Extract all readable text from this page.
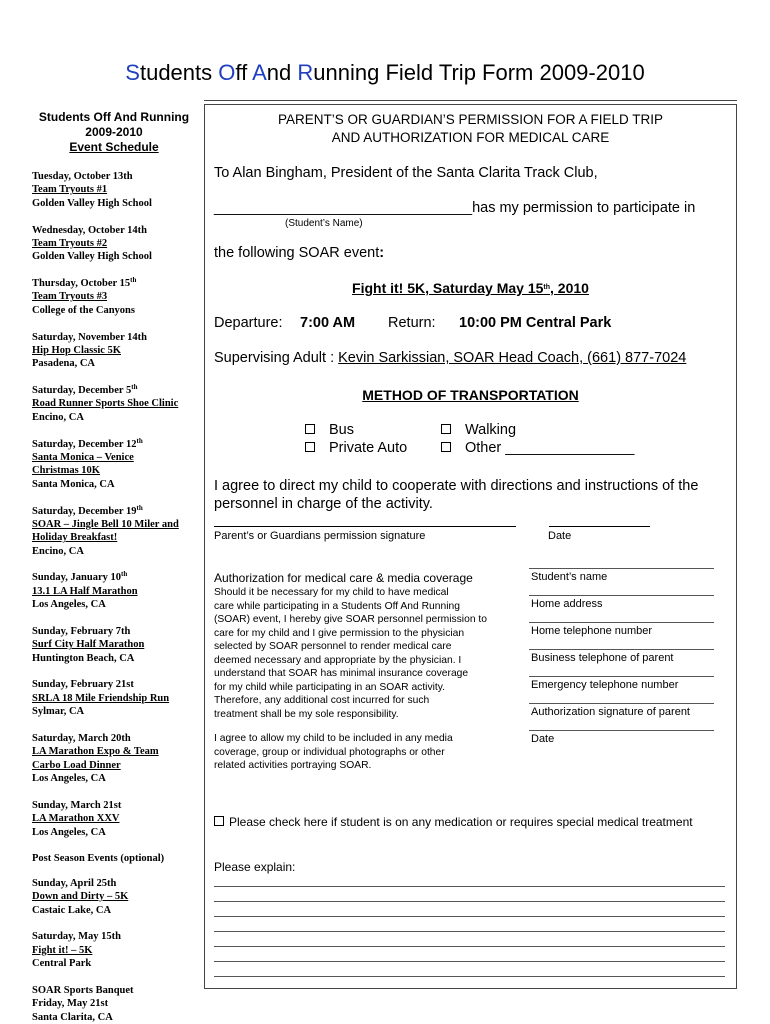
Students Off And Running Field Trip Form 2009-2010
Students Off And Running
2009-2010
Event Schedule
Tuesday, October 13th
Team Tryouts #1
Golden Valley High School
Wednesday, October 14th
Team Tryouts #2
Golden Valley High School
Thursday, October 15th
Team Tryouts #3
College of the Canyons
Saturday, November 14th
Hip Hop Classic 5K
Pasadena, CA
Saturday, December 5th
Road Runner Sports Shoe Clinic
Encino, CA
Saturday, December 12th
Santa Monica – Venice
Christmas 10K
Santa Monica, CA
Saturday, December 19th
SOAR – Jingle Bell 10 Miler and
Holiday Breakfast!
Encino, CA
Sunday, January 10th
13.1 LA Half Marathon
Los Angeles, CA
Sunday, February 7th
Surf City Half Marathon
Huntington Beach, CA
Sunday, February 21st
SRLA 18 Mile Friendship Run
Sylmar, CA
Saturday, March 20th
LA Marathon Expo & Team
Carbo Load Dinner
Los Angeles, CA
Sunday, March 21st
LA Marathon XXV
Los Angeles, CA
Post Season Events (optional)
Sunday, April 25th
Down and Dirty – 5K
Castaic Lake, CA
Saturday, May 15th
Fight it! – 5K
Central Park
SOAR Sports Banquet
Friday, May 21st
Santa Clarita, CA
PARENT’S OR GUARDIAN’S PERMISSION FOR A FIELD TRIP
AND AUTHORIZATION FOR MEDICAL CARE
To Alan Bingham, President of the Santa Clarita Track Club,
________________________________has my permission to participate in
(Student’s Name)
the following SOAR event:
Fight it! 5K, Saturday May 15th, 2010
Departure: 7:00 AM Return: 10:00 PM Central Park
Supervising Adult : Kevin Sarkissian, SOAR Head Coach, (661) 877-7024
METHOD OF TRANSPORTATION
Bus
Private Auto
Walking
Other ________________
I agree to direct my child to cooperate with directions and instructions of the
personnel in charge of the activity.
Parent’s or Guardians permission signature	Date
Authorization for medical care & media coverage
Should it be necessary for my child to have medical
care while participating in a Students Off And Running
(SOAR) event, I hereby give SOAR personnel permission to
care for my child and I give permission to the physician
selected by SOAR personnel to render medical care
deemed necessary and appropriate by the physician. I
understand that SOAR has minimal insurance coverage
for my child while participating in an SOAR activity.
Therefore, any additional cost incurred for such
treatment shall be my sole responsibility.
I agree to allow my child to be included in any media
coverage, group or individual photographs or other
related activities portraying SOAR.
Student’s name
Home address
Home telephone number
Business telephone of parent
Emergency telephone number
Authorization signature of parent
Date
Please check here if student is on any medication or requires special medical treatment
Please explain:
